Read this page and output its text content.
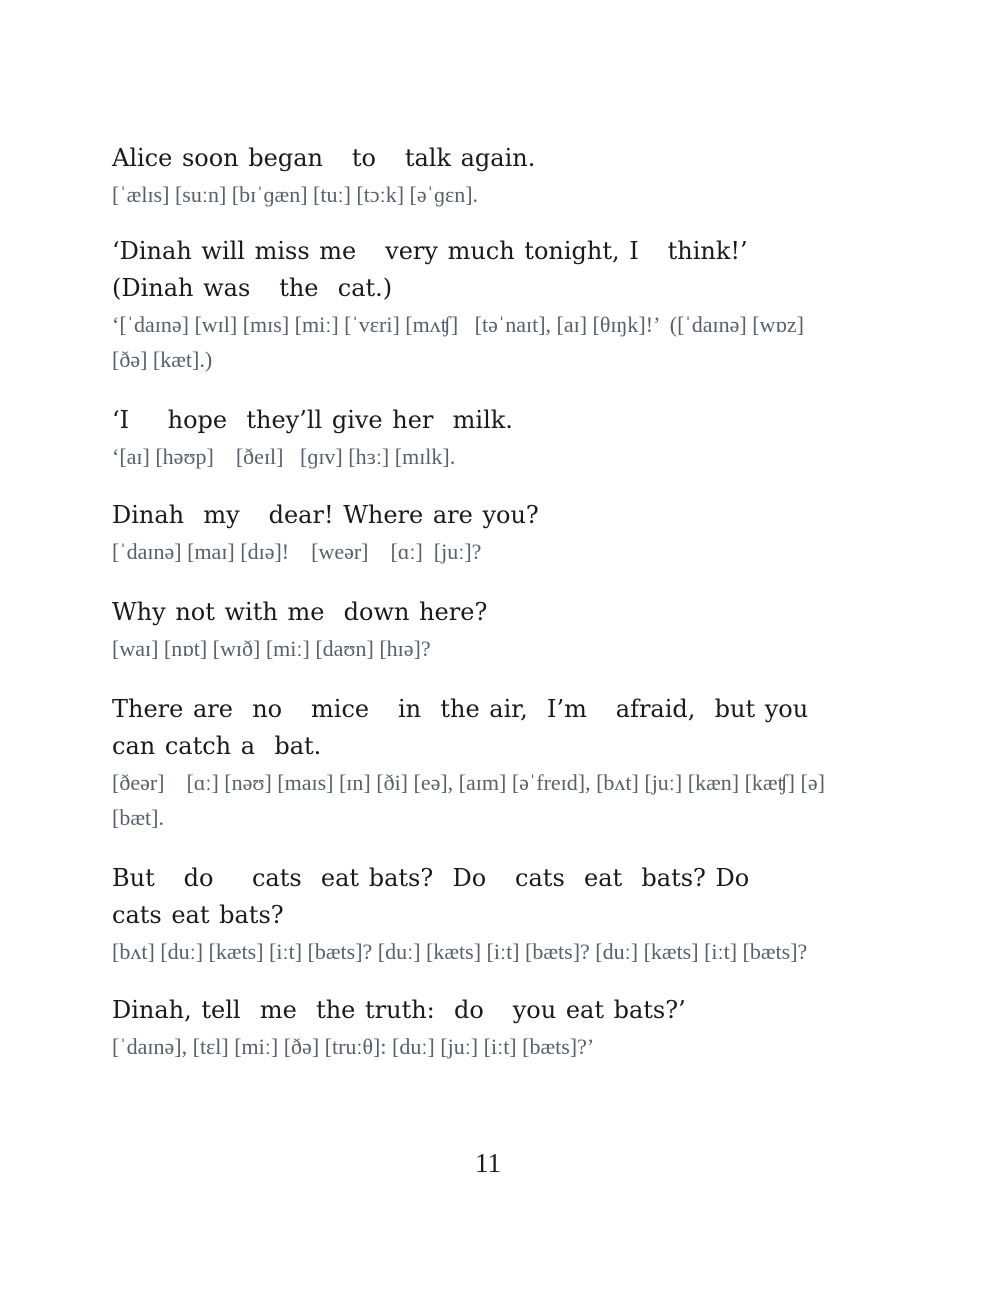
Alice soon began   to   talk again.

[ˈælɪs] [suːn] [bɪˈɡæn] [tuː] [tɔːk] [əˈɡɛn].

‘Dinah will miss me   very much tonight, I   think!’ (Dinah was   the  cat.)

‘[ˈdaɪnə] [wɪl] [mɪs] [miː] [ˈvɛri] [mʌʧ]   [təˈnaɪt], [aɪ] [θɪŋk]!’  ([ˈdaɪnə] [wɒz] [ðə] [kæt].)

‘I    hope  they’ll give her  milk.

‘[aɪ] [həʊp]    [ðeɪl]   [ɡɪv] [hɜː] [mɪlk].

Dinah  my   dear! Where are you?

[ˈdaɪnə] [maɪ] [dɪə]!    [weər]    [ɑː]  [juː]?

Why not with me  down here?

[waɪ] [nɒt] [wɪð] [miː] [daʊn] [hɪə]?

There are  no   mice   in  the air,  I’m   afraid,  but you can catch a  bat.

[ðeər]    [ɑː] [nəʊ] [maɪs] [ɪn] [ði] [eə], [aɪm] [əˈfreɪd], [bʌt] [juː] [kæn] [kæʧ] [ə] [bæt].

But   do    cats  eat bats?  Do   cats  eat  bats? Do    cats eat bats?

[bʌt] [duː] [kæts] [iːt] [bæts]? [duː] [kæts] [iːt] [bæts]? [duː] [kæts] [iːt] [bæts]?

Dinah, tell  me  the truth:  do   you eat bats?’

[ˈdaɪnə], [tɛl] [miː] [ðə] [truːθ]: [duː] [juː] [iːt] [bæts]?’

11
